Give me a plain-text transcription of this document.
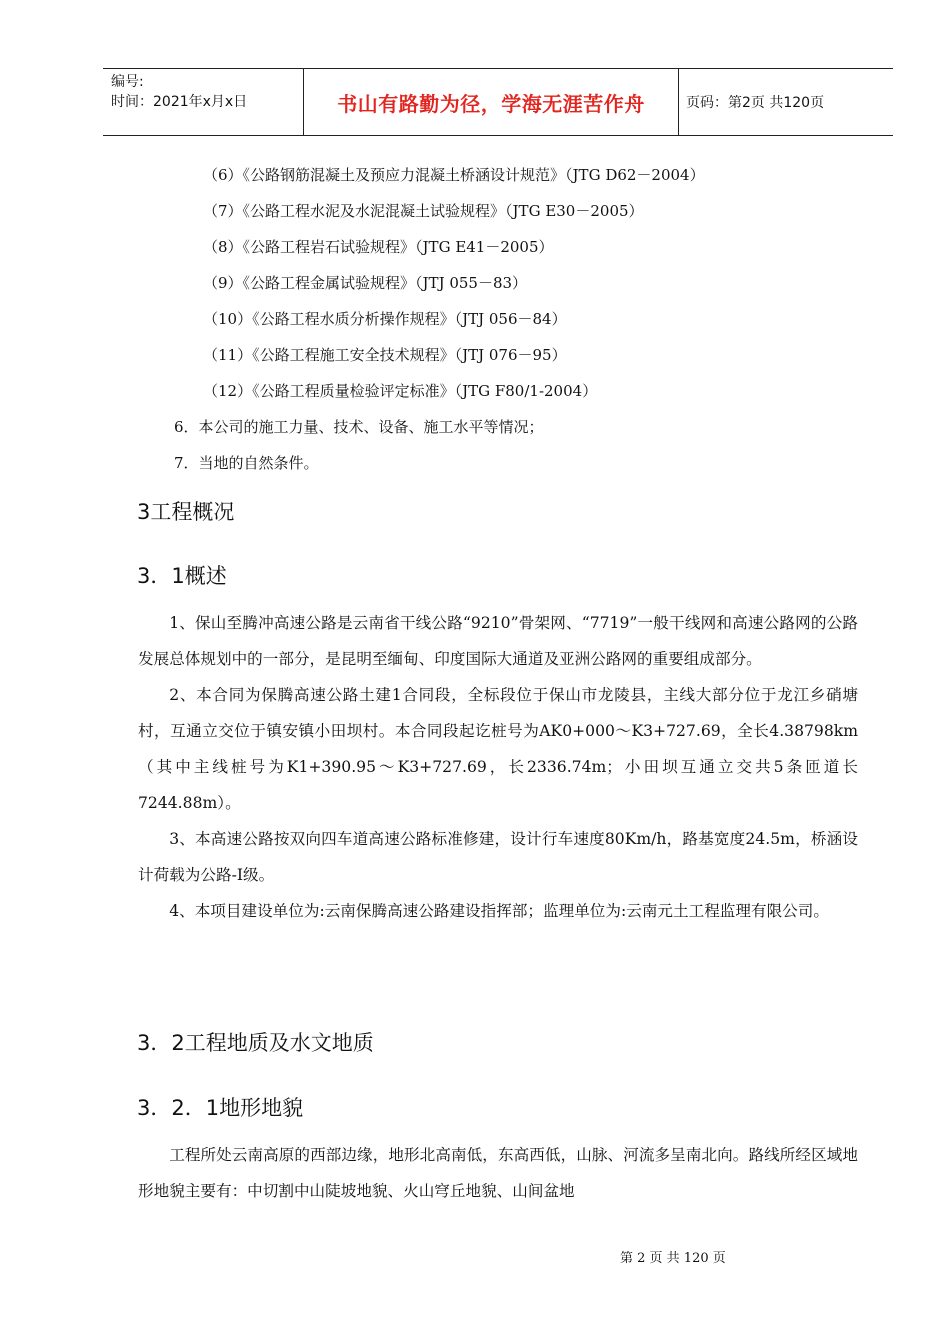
编号:
时间：2021年x月x日	书山有路勤为径，学海无涯苦作舟	页码：第2页 共120页
（6）《公路钢筋混凝土及预应力混凝土桥涵设计规范》（JTG D62－2004）
（7）《公路工程水泥及水泥混凝土试验规程》（JTG E30－2005）
（8）《公路工程岩石试验规程》（JTG E41－2005）
（9）《公路工程金属试验规程》（JTJ 055－83）
（10）《公路工程水质分析操作规程》（JTJ 056－84）
（11）《公路工程施工安全技术规程》（JTJ 076－95）
（12）《公路工程质量检验评定标准》（JTG F80/1-2004）
6．本公司的施工力量、技术、设备、施工水平等情况；
7．当地的自然条件。
3工程概况
3．1概述

1、保山至腾冲高速公路是云南省干线公路“9210”骨架网、“7719”一般干线网和高速公路网的公路发展总体规划中的一部分，是昆明至缅甸、印度国际大通道及亚洲公路网的重要组成部分。

2、本合同为保腾高速公路土建1合同段，全标段位于保山市龙陵县，主线大部分位于龙江乡硝塘村，互通立交位于镇安镇小田坝村。本合同段起讫桩号为AK0+000～K3+727.69，全长4.38798km（其中主线桩号为K1+390.95～K3+727.69，长2336.74m；小田坝互通立交共5条匝道长7244.88m）。

3、本高速公路按双向四车道高速公路标准修建，设计行车速度80Km/h，路基宽度24.5m，桥涵设计荷载为公路-I级。

4、本项目建设单位为:云南保腾高速公路建设指挥部；监理单位为:云南元土工程监理有限公司。

3．2工程地质及水文地质
3．2．1地形地貌

工程所处云南高原的西部边缘，地形北高南低，东高西低，山脉、河流多呈南北向。路线所经区域地形地貌主要有：中切割中山陡坡地貌、火山穹丘地貌、山间盆地

第 2 页 共 120 页
